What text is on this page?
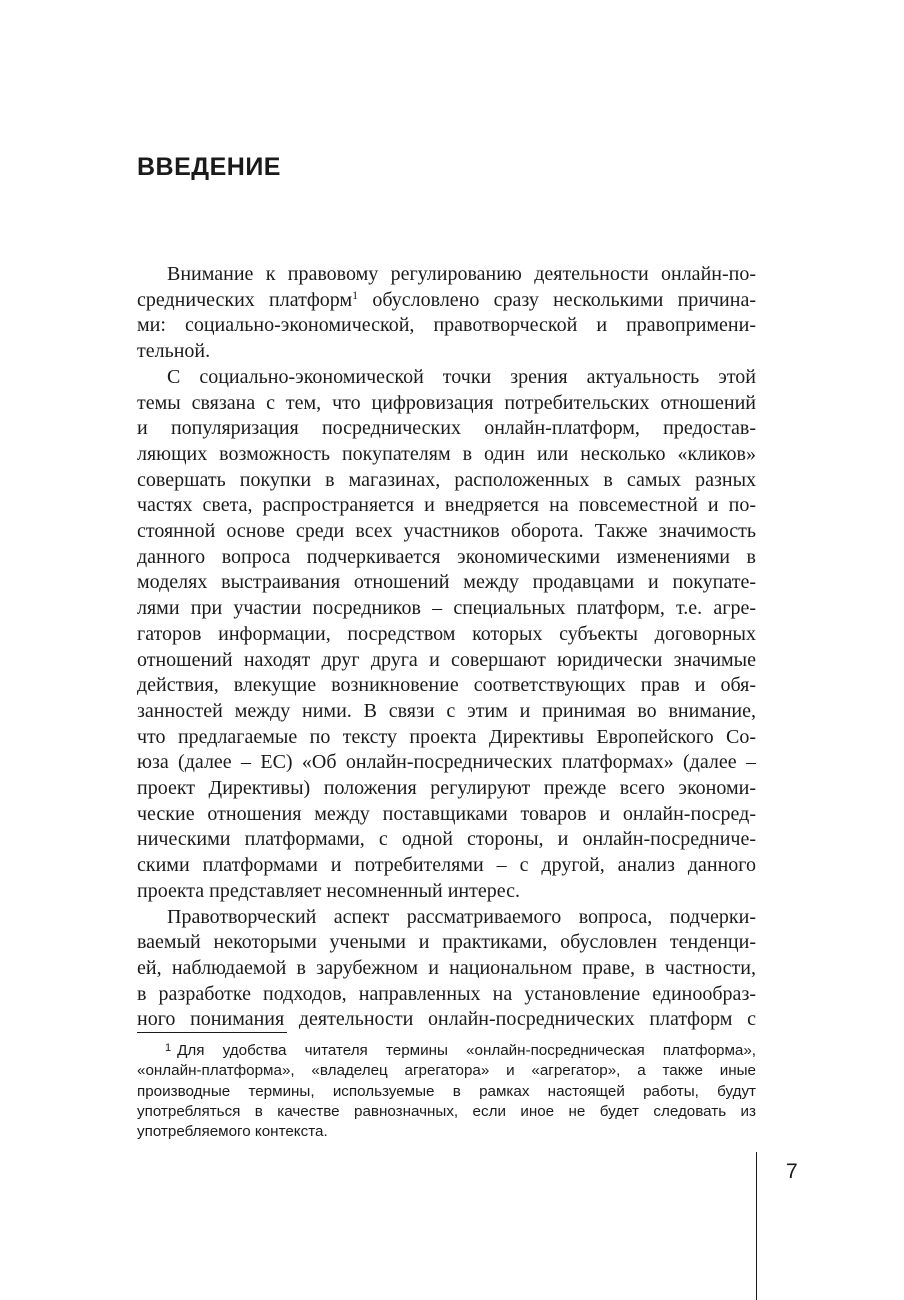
ВВЕДЕНИЕ

Внимание к правовому регулированию деятельности онлайн-по-
среднических платформ$^1$ обусловлено сразу несколькими причина-
ми: социально-экономической, правотворческой и правопримени-
тельной.

С социально-экономической точки зрения актуальность этой
темы связана с тем, что цифровизация потребительских отношений
и популяризация посреднических онлайн-платформ, предостав-
ляющих возможность покупателям в один или несколько «кликов»
совершать покупки в магазинах, расположенных в самых разных
частях света, распространяется и внедряется на повсеместной и по-
стоянной основе среди всех участников оборота. Также значимость
данного вопроса подчеркивается экономическими изменениями в
моделях выстраивания отношений между продавцами и покупате-
лями при участии посредников – специальных платформ, т.е. агре-
гаторов информации, посредством которых субъекты договорных
отношений находят друг друга и совершают юридически значимые
действия, влекущие возникновение соответствующих прав и обя-
занностей между ними. В связи с этим и принимая во внимание,
что предлагаемые по тексту проекта Директивы Европейского Со-
юза (далее – ЕС) «Об онлайн-посреднических платформах» (далее –
проект Директивы) положения регулируют прежде всего экономи-
ческие отношения между поставщиками товаров и онлайн-посред-
ническими платформами, с одной стороны, и онлайн-посредниче-
скими платформами и потребителями – с другой, анализ данного
проекта представляет несомненный интерес.

Правотворческий аспект рассматриваемого вопроса, подчерки-
ваемый некоторыми учеными и практиками, обусловлен тенденци-
ей, наблюдаемой в зарубежном и национальном праве, в частности,
в разработке подходов, направленных на установление единообраз-
ного понимания деятельности онлайн-посреднических платформ с

$^1$ Для удобства читателя термины «онлайн-посредническая платформа»,
«онлайн-платформа», «владелец агрегатора» и «агрегатор», а также иные
производные термины, используемые в рамках настоящей работы, будут
употребляться в качестве равнозначных, если иное не будет следовать из
употребляемого контекста.
7
